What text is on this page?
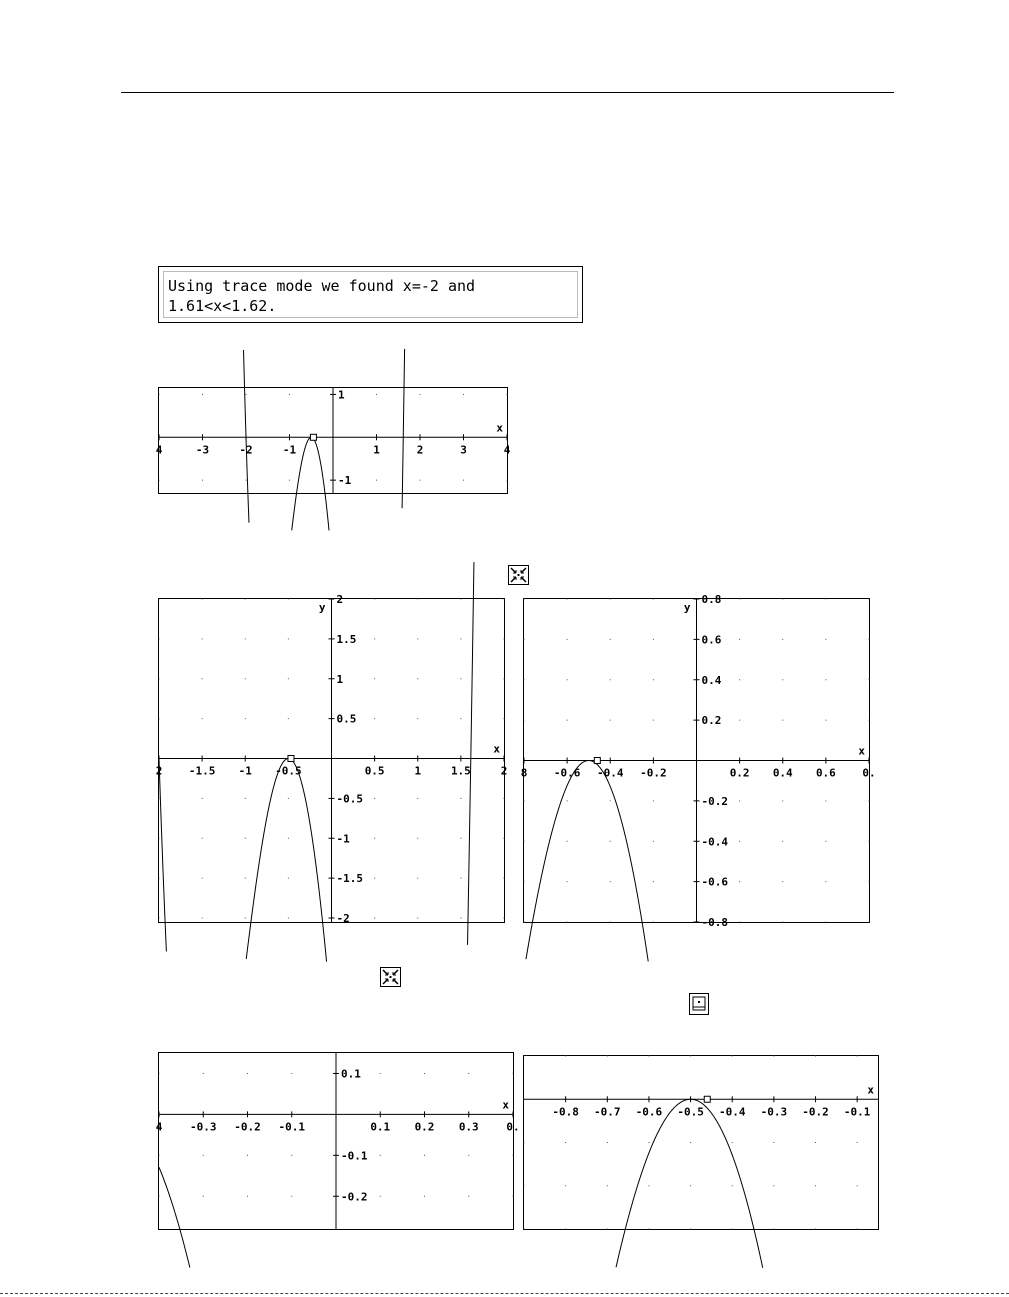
Using trace mode we found x=-2 and
1.61<x<1.62.
4	-3	-2	-1	1	2	3	4
1
-1
x
2 -1.5 -1 -0.5	0.5	1	1.5	2
2
1.5
1
0.5
-0.5
-1
-1.5
-2
x
y
8 -0.6 -0.4 -0.2	0.2 0.4 0.6 0.
0.8
0.6
0.4
0.2
-0.2
-0.4
-0.6
-0.8
x
y
4	-0.3 -0.2 -0.1	0.1 0.2 0.3	0.
0.1
-0.1
-0.2
x
-0.8 -0.7 -0.6 -0.5 -0.4 -0.3 -0.2 -0.1
x
